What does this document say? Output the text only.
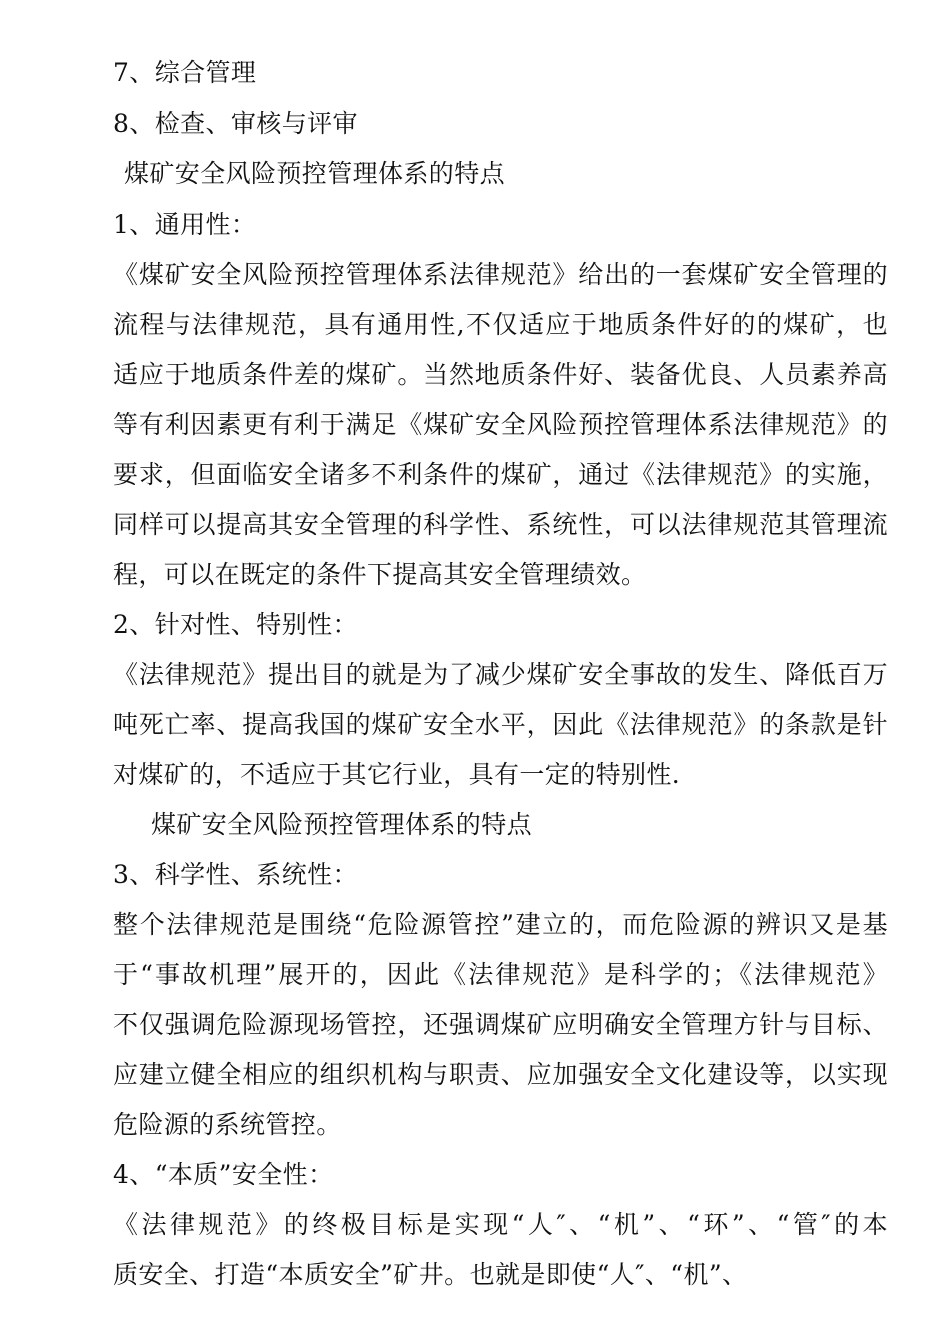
7、综合管理
8、检查、审核与评审
煤矿安全风险预控管理体系的特点
1、通用性：
《煤矿安全风险预控管理体系法律规范》给出的一套煤矿安全管理的
流程与法律规范，具有通用性,不仅适应于地质条件好的的煤矿，也
适应于地质条件差的煤矿。当然地质条件好、装备优良、人员素养高
等有利因素更有利于满足《煤矿安全风险预控管理体系法律规范》的
要求，但面临安全诸多不利条件的煤矿，通过《法律规范》的实施，
同样可以提高其安全管理的科学性、系统性，可以法律规范其管理流
程，可以在既定的条件下提高其安全管理绩效。
2、针对性、特别性：
《法律规范》提出目的就是为了减少煤矿安全事故的发生、降低百万
吨死亡率、提高我国的煤矿安全水平，因此《法律规范》的条款是针
对煤矿的，不适应于其它行业，具有一定的特别性.
煤矿安全风险预控管理体系的特点
3、科学性、系统性：
整个法律规范是围绕“危险源管控”建立的，而危险源的辨识又是基
于“事故机理”展开的，因此《法律规范》是科学的；《法律规范》
不仅强调危险源现场管控，还强调煤矿应明确安全管理方针与目标、
应建立健全相应的组织机构与职责、应加强安全文化建设等，以实现
危险源的系统管控。
4、“本质”安全性：
《法律规范》的终极目标是实现“人″、“机”、“环”、“管″的本
质安全、打造“本质安全”矿井。也就是即使“人″、“机”、
